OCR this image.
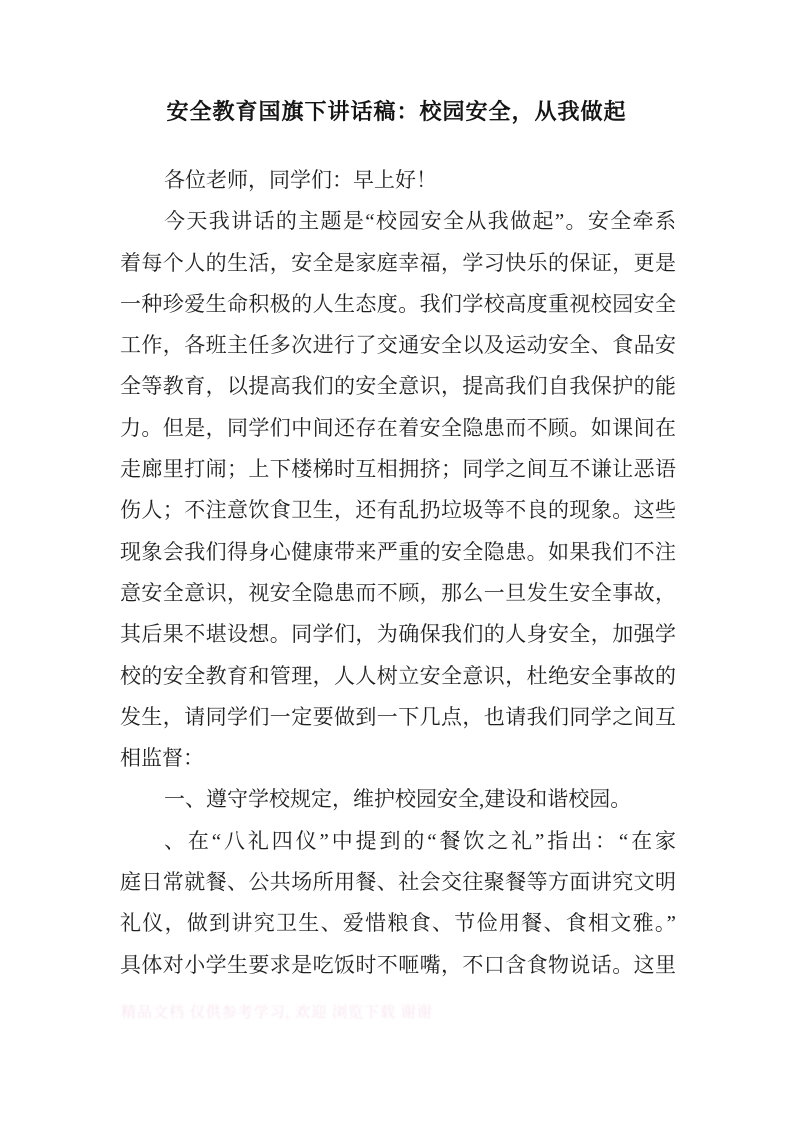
安全教育国旗下讲话稿：校园安全，从我做起
各位老师，同学们：早上好！
今天我讲话的主题是“校园安全从我做起”。安全牵系
着每个人的生活，安全是家庭幸福，学习快乐的保证，更是
一种珍爱生命积极的人生态度。我们学校高度重视校园安全
工作，各班主任多次进行了交通安全以及运动安全、食品安
全等教育，以提高我们的安全意识，提高我们自我保护的能
力。但是，同学们中间还存在着安全隐患而不顾。如课间在
走廊里打闹；上下楼梯时互相拥挤；同学之间互不谦让恶语
伤人；不注意饮食卫生，还有乱扔垃圾等不良的现象。这些
现象会我们得身心健康带来严重的安全隐患。如果我们不注
意安全意识，视安全隐患而不顾，那么一旦发生安全事故，
其后果不堪设想。同学们，为确保我们的人身安全，加强学
校的安全教育和管理，人人树立安全意识，杜绝安全事故的
发生，请同学们一定要做到一下几点，也请我们同学之间互
相监督：
一、遵守学校规定，维护校园安全,建设和谐校园。
、在“八礼四仪”中提到的“餐饮之礼”指出：“在家
庭日常就餐、公共场所用餐、社会交往聚餐等方面讲究文明
礼仪，做到讲究卫生、爱惜粮食、节俭用餐、食相文雅。”
具体对小学生要求是吃饭时不咂嘴，不口含食物说话。这里
精品文档 仅供参考学习, 欢迎 浏览下载 谢谢
